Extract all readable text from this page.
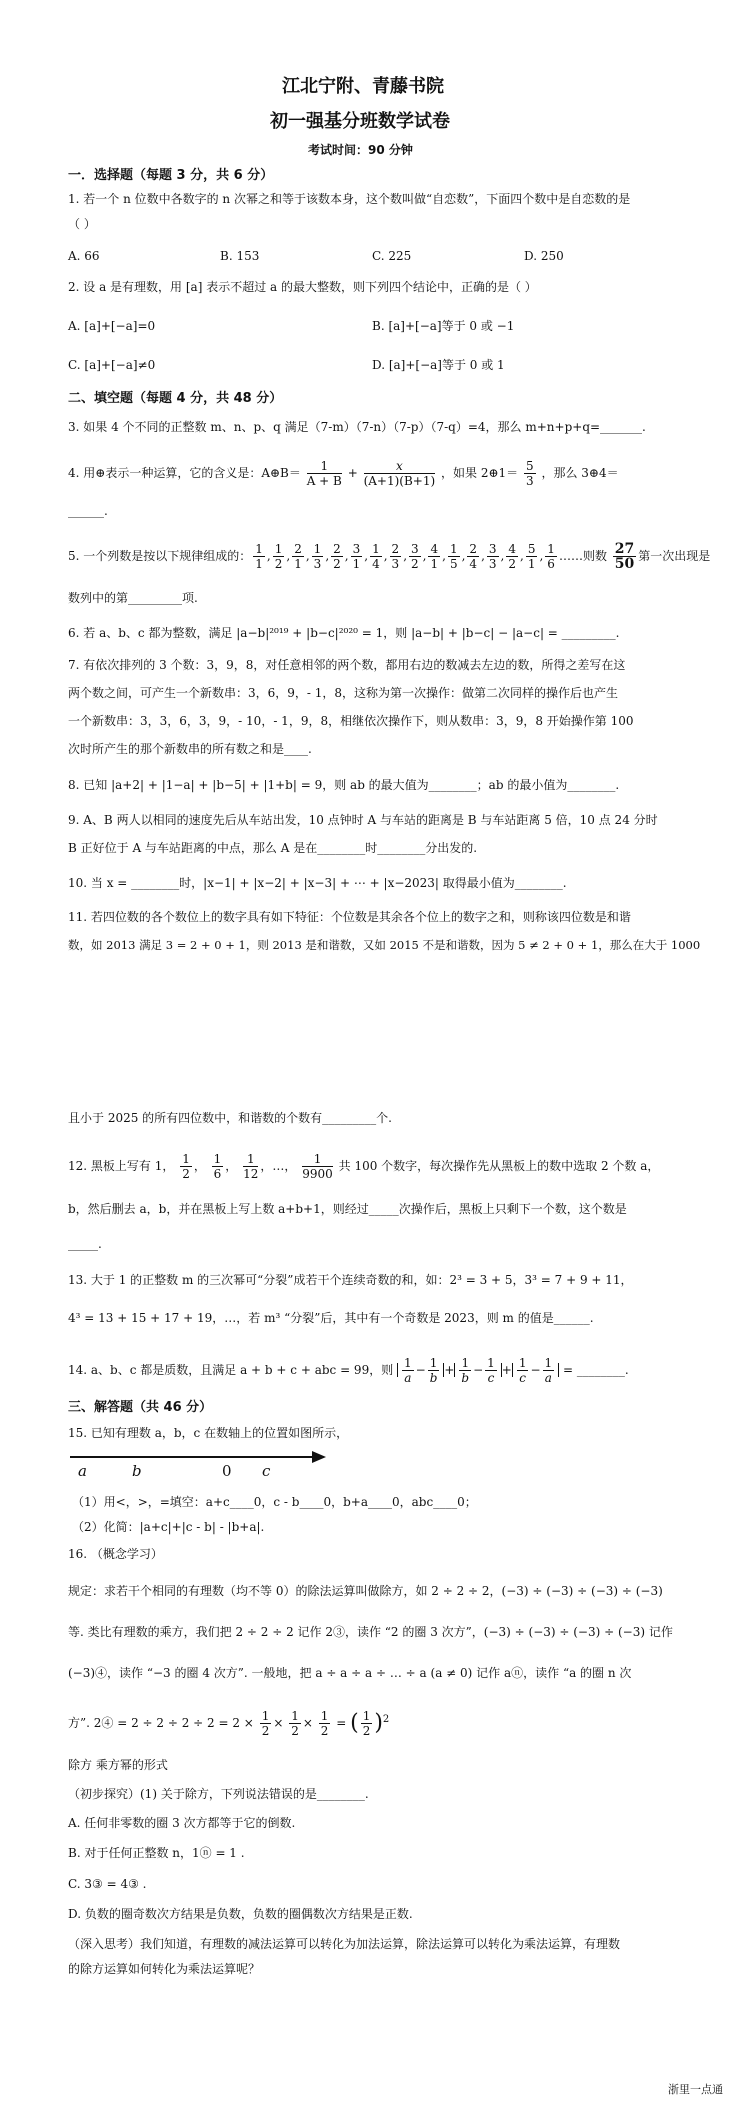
江北宁附、青藤书院
初一强基分班数学试卷
考试时间：90 分钟
一．选择题（每题 3 分，共 6 分）
1. 若一个 n 位数中各数字的 n 次幂之和等于该数本身，这个数叫做“自恋数”，下面四个数中是自恋数的是
（ ）
A. 66	B. 153	C. 225	D. 250
2. 设 a 是有理数，用 [a] 表示不超过 a 的最大整数，则下列四个结论中，正确的是（ ）
A. [a]+[−a]=0	B. [a]+[−a]等于 0 或 −1
C. [a]+[−a]≠0	D. [a]+[−a]等于 0 或 1
二、填空题（每题 4 分，共 48 分）
3. 如果 4 个不同的正整数 m、n、p、q 满足（7-m）（7-n）（7-p）（7-q）=4，那么 m+n+p+q=_______.
4. 用⊕表示一种运算，它的含义是：A⊕B＝ $\frac{1}{A + B} + \frac{x}{(A+1)(B+1)}$ ，如果 2⊕1＝ $\frac{5}{3}$ ，那么 3⊕4＝
______.
5. 一个列数是按以下规律组成的： $\frac{1}{1}$ , $\frac{1}{2}$ , $\frac{2}{1}$ , $\frac{1}{3}$ , $\frac{2}{2}$ , $\frac{3}{1}$ , $\frac{1}{4}$ , $\frac{2}{3}$ , $\frac{3}{2}$ , $\frac{4}{1}$ , $\frac{1}{5}$ , $\frac{2}{4}$ , $\frac{3}{3}$ , $\frac{4}{2}$ , $\frac{5}{1}$ , $\frac{1}{6}$ ……则数 $\frac{27}{50}$ 第一次出现是
数列中的第_________项.
6. 若 a、b、c 都为整数，满足 |a−b|²⁰¹⁹ + |b−c|²⁰²⁰ = 1，则 |a−b| + |b−c| − |a−c| = _________.
7. 有依次排列的 3 个数：3，9，8，对任意相邻的两个数，都用右边的数减去左边的数，所得之差写在这
两个数之间，可产生一个新数串：3，6，9，- 1，8，这称为第一次操作：做第二次同样的操作后也产生
一个新数串：3，3，6，3，9，- 10，- 1，9，8，相继依次操作下，则从数串：3，9，8 开始操作第 100
次时所产生的那个新数串的所有数之和是____.
8. 已知 |a+2| + |1−a| + |b−5| + |1+b| = 9，则 ab 的最大值为________；ab 的最小值为________.
9. A、B 两人以相同的速度先后从车站出发，10 点钟时 A 与车站的距离是 B 与车站距离 5 倍，10 点 24 分时
B 正好位于 A 与车站距离的中点，那么 A 是在________时________分出发的.
10. 当 x = ________时，|x−1| + |x−2| + |x−3| + ⋯ + |x−2023| 取得最小值为________.
11. 若四位数的各个数位上的数字具有如下特征：个位数是其余各个位上的数字之和，则称该四位数是和谐
数，如 2013 满足 3 = 2 + 0 + 1，则 2013 是和谐数，又如 2015 不是和谐数，因为 5 ≠ 2 + 0 + 1，那么在大于 1000
且小于 2025 的所有四位数中，和谐数的个数有_________个.
12. 黑板上写有 1， $\frac{1}{2}$ ， $\frac{1}{6}$ ， $\frac{1}{12}$ ，…， $\frac{1}{9900}$ 共 100 个数字，每次操作先从黑板上的数中选取 2 个数 a，
b，然后删去 a，b，并在黑板上写上数 a+b+1，则经过_____次操作后，黑板上只剩下一个数，这个数是
_____.
13. 大于 1 的正整数 m 的三次幂可“分裂”成若干个连续奇数的和，如：2³ = 3 + 5，3³ = 7 + 9 + 11，
4³ = 13 + 15 + 17 + 19，…，若 m³ “分裂”后，其中有一个奇数是 2023，则 m 的值是______.
14. a、b、c 都是质数，且满足 a + b + c + abc = 99，则 $\frac{1}{a} - \frac{1}{b} + \frac{1}{b} - \frac{1}{c} + \frac{1}{c} - \frac{1}{a}$ = ________.
三、解答题（共 46 分）
15. 已知有理数 a，b，c 在数轴上的位置如图所示，
a	b	0 c
（1）用<，>，=填空：a+c____0，c - b____0，b+a____0，abc____0；
（2）化简：|a+c|+|c - b| - |b+a|.
16. （概念学习）
规定：求若干个相同的有理数（均不等 0）的除法运算叫做除方，如 2 ÷ 2 ÷ 2，(−3) ÷ (−3) ÷ (−3) ÷ (−3)
等. 类比有理数的乘方，我们把 2 ÷ 2 ÷ 2 记作 2③，读作 “2 的圈 3 次方”，(−3) ÷ (−3) ÷ (−3) ÷ (−3) 记作
(−3)④，读作 “−3 的圈 4 次方”. 一般地，把 a ÷ a ÷ a ÷ … ÷ a (a ≠ 0) 记作 aⓝ，读作 “a 的圈 n 次
方”. 2④ = $2 \div 2 \div 2 \div 2 = 2 \times \frac{1}{2} \times \frac{1}{2} \times \frac{1}{2}$ = ( $\frac{1}{2} )^2$
除方 乘方幂的形式
（初步探究）(1) 关于除方，下列说法错误的是________.
A. 任何非零数的圈 3 次方都等于它的倒数.
B. 对于任何正整数 n，1ⓝ = 1 .
C. 3③ = 4③ .
D. 负数的圈奇数次方结果是负数，负数的圈偶数次方结果是正数.
（深入思考）我们知道，有理数的减法运算可以转化为加法运算，除法运算可以转化为乘法运算，有理数
的除方运算如何转化为乘法运算呢？
浙里一点通
